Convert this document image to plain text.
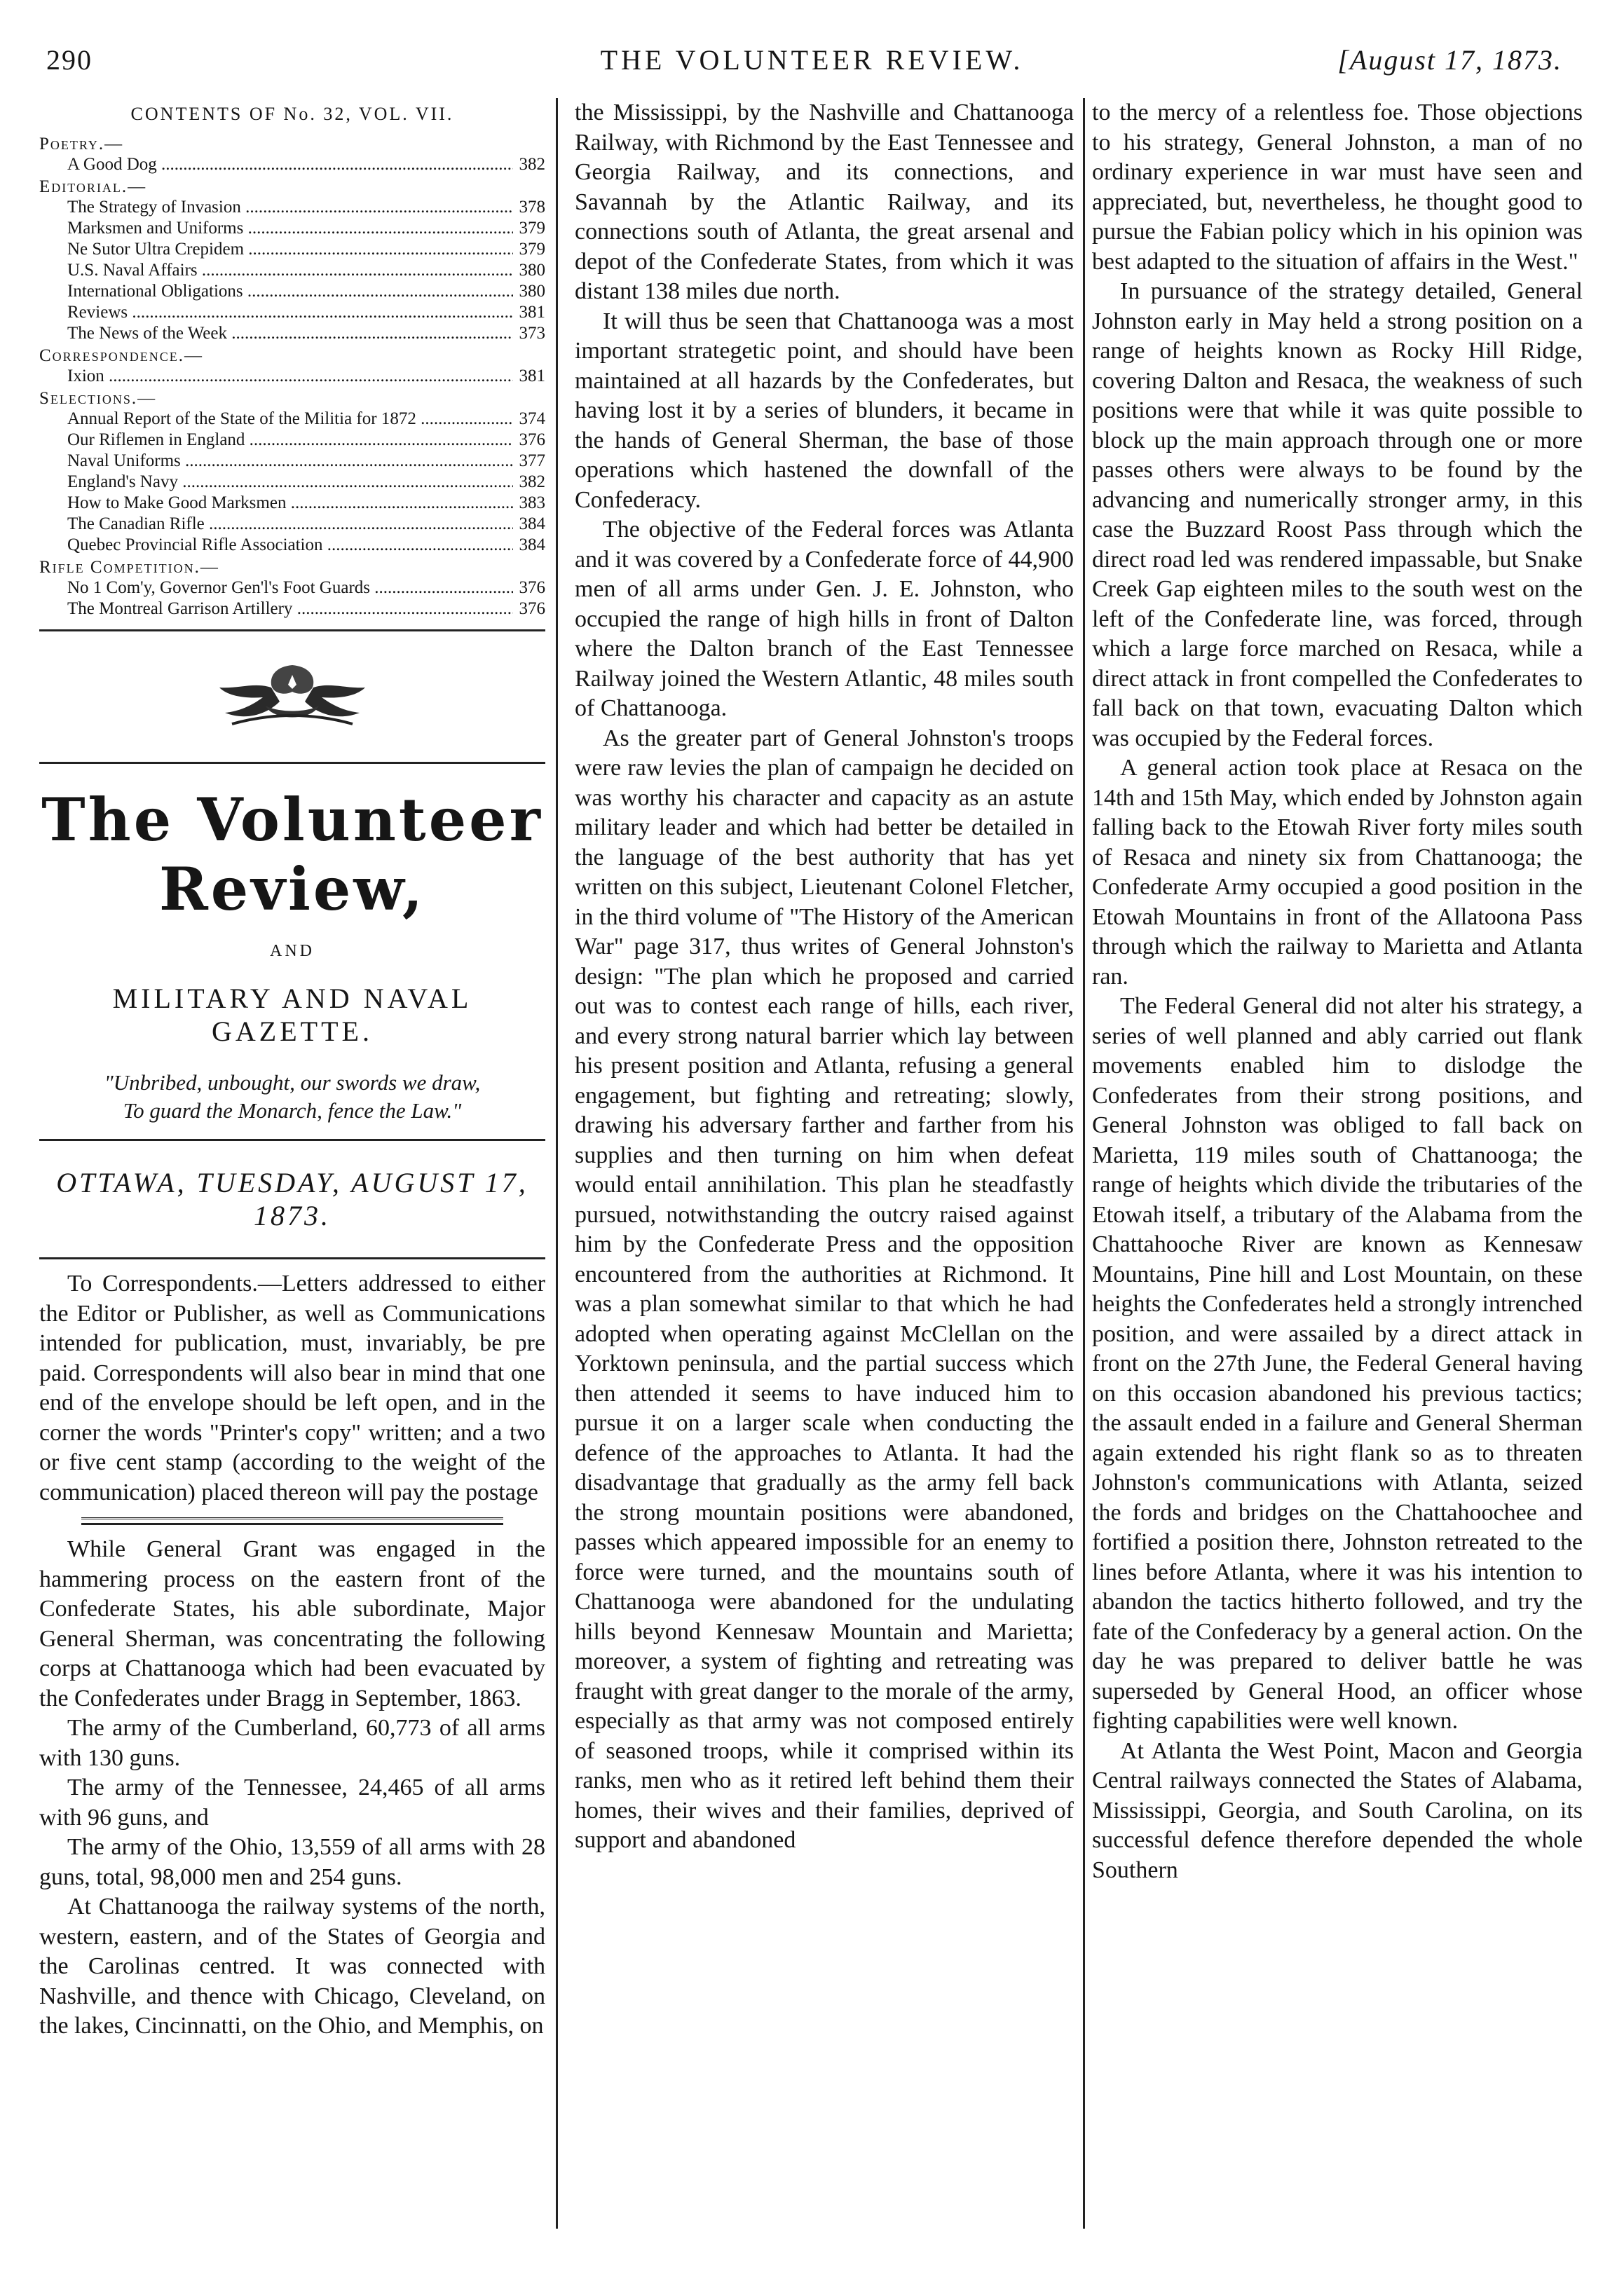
290	THE VOLUNTEER REVIEW.	[August 17, 1873.
CONTENTS OF No. 32, VOL. VII.
Poetry.—
A Good Dog .....	382
Editorial.—
The Strategy of Invasion .....	378
Marksmen and Uniforms .....	379
Ne Sutor Ultra Crepidem .....	379
U.S. Naval Affairs .....	380
International Obligations .....	380
Reviews .....	381
The News of the Week .....	373
Correspondence.—
Ixion .....	381
Selections.—
Annual Report of the State of the Militia for 1872 .....	374
Our Riflemen in England .....	376
Naval Uniforms .....	377
England's Navy .....	382
How to Make Good Marksmen .....	383
The Canadian Rifle .....	384
Quebec Provincial Rifle Association .....	384
Rifle Competition.—
No 1 Com'y, Governor Gen'l's Foot Guards .....	376
The Montreal Garrison Artillery .....	376
The Volunteer Review,
AND
MILITARY AND NAVAL GAZETTE.
"Unbribed, unbought, our swords we draw,
To guard the Monarch, fence the Law."
OTTAWA, TUESDAY, AUGUST 17, 1873.

To Correspondents.—Letters addressed to either the Editor or Publisher, as well as Communications intended for publication, must, invariably, be pre paid. Correspondents will also bear in mind that one end of the envelope should be left open, and in the corner the words "Printer's copy" written; and a two or five cent stamp (according to the weight of the communication) placed thereon will pay the postage

While General Grant was engaged in the hammering process on the eastern front of the Confederate States, his able subordinate, Major General Sherman, was concentrating the following corps at Chattanooga which had been evacuated by the Confederates under Bragg in September, 1863.

The army of the Cumberland, 60,773 of all arms with 130 guns.

The army of the Tennessee, 24,465 of all arms with 96 guns, and

The army of the Ohio, 13,559 of all arms with 28 guns, total, 98,000 men and 254 guns.

At Chattanooga the railway systems of the north, western, eastern, and of the States of Georgia and the Carolinas centred. It was connected with Nashville, and thence with Chicago, Cleveland, on the lakes, Cincinnatti, on the Ohio, and Memphis, on

the Mississippi, by the Nashville and Chattanooga Railway, with Richmond by the East Tennessee and Georgia Railway, and its connections, and Savannah by the Atlantic Railway, and its connections south of Atlanta, the great arsenal and depot of the Confederate States, from which it was distant 138 miles due north.

It will thus be seen that Chattanooga was a most important strategetic point, and should have been maintained at all hazards by the Confederates, but having lost it by a series of blunders, it became in the hands of General Sherman, the base of those operations which hastened the downfall of the Confederacy.

The objective of the Federal forces was Atlanta and it was covered by a Confederate force of 44,900 men of all arms under Gen. J. E. Johnston, who occupied the range of high hills in front of Dalton where the Dalton branch of the East Tennessee Railway joined the Western Atlantic, 48 miles south of Chattanooga.

As the greater part of General Johnston's troops were raw levies the plan of campaign he decided on was worthy his character and capacity as an astute military leader and which had better be detailed in the language of the best authority that has yet written on this subject, Lieutenant Colonel Fletcher, in the third volume of "The History of the American War" page 317, thus writes of General Johnston's design: "The plan which he proposed and carried out was to contest each range of hills, each river, and every strong natural barrier which lay between his present position and Atlanta, refusing a general engagement, but fighting and retreating; slowly, drawing his adversary farther and farther from his supplies and then turning on him when defeat would entail annihilation. This plan he steadfastly pursued, notwithstanding the outcry raised against him by the Confederate Press and the opposition encountered from the authorities at Richmond. It was a plan somewhat similar to that which he had adopted when operating against McClellan on the Yorktown peninsula, and the partial success which then attended it seems to have induced him to pursue it on a larger scale when conducting the defence of the approaches to Atlanta. It had the disadvantage that gradually as the army fell back the strong mountain positions were abandoned, passes which appeared impossible for an enemy to force were turned, and the mountains south of Chattanooga were abandoned for the undulating hills beyond Kennesaw Mountain and Marietta; moreover, a system of fighting and retreating was fraught with great danger to the morale of the army, especially as that army was not composed entirely of seasoned troops, while it comprised within its ranks, men who as it retired left behind them their homes, their wives and their families, deprived of support and abandoned

to the mercy of a relentless foe. Those objections to his strategy, General Johnston, a man of no ordinary experience in war must have seen and appreciated, but, nevertheless, he thought good to pursue the Fabian policy which in his opinion was best adapted to the situation of affairs in the West."

In pursuance of the strategy detailed, General Johnston early in May held a strong position on a range of heights known as Rocky Hill Ridge, covering Dalton and Resaca, the weakness of such positions were that while it was quite possible to block up the main approach through one or more passes others were always to be found by the advancing and numerically stronger army, in this case the Buzzard Roost Pass through which the direct road led was rendered impassable, but Snake Creek Gap eighteen miles to the south west on the left of the Confederate line, was forced, through which a large force marched on Resaca, while a direct attack in front compelled the Confederates to fall back on that town, evacuating Dalton which was occupied by the Federal forces.

A general action took place at Resaca on the 14th and 15th May, which ended by Johnston again falling back to the Etowah River forty miles south of Resaca and ninety six from Chattanooga; the Confederate Army occupied a good position in the Etowah Mountains in front of the Allatoona Pass through which the railway to Marietta and Atlanta ran.

The Federal General did not alter his strategy, a series of well planned and ably carried out flank movements enabled him to dislodge the Confederates from their strong positions, and General Johnston was obliged to fall back on Marietta, 119 miles south of Chattanooga; the range of heights which divide the tributaries of the Etowah itself, a tributary of the Alabama from the Chattahooche River are known as Kennesaw Mountains, Pine hill and Lost Mountain, on these heights the Confederates held a strongly intrenched position, and were assailed by a direct attack in front on the 27th June, the Federal General having on this occasion abandoned his previous tactics; the assault ended in a failure and General Sherman again extended his right flank so as to threaten Johnston's communications with Atlanta, seized the fords and bridges on the Chattahoochee and fortified a position there, Johnston retreated to the lines before Atlanta, where it was his intention to abandon the tactics hitherto followed, and try the fate of the Confederacy by a general action. On the day he was prepared to deliver battle he was superseded by General Hood, an officer whose fighting capabilities were well known.

At Atlanta the West Point, Macon and Georgia Central railways connected the States of Alabama, Mississippi, Georgia, and South Carolina, on its successful defence therefore depended the whole Southern
